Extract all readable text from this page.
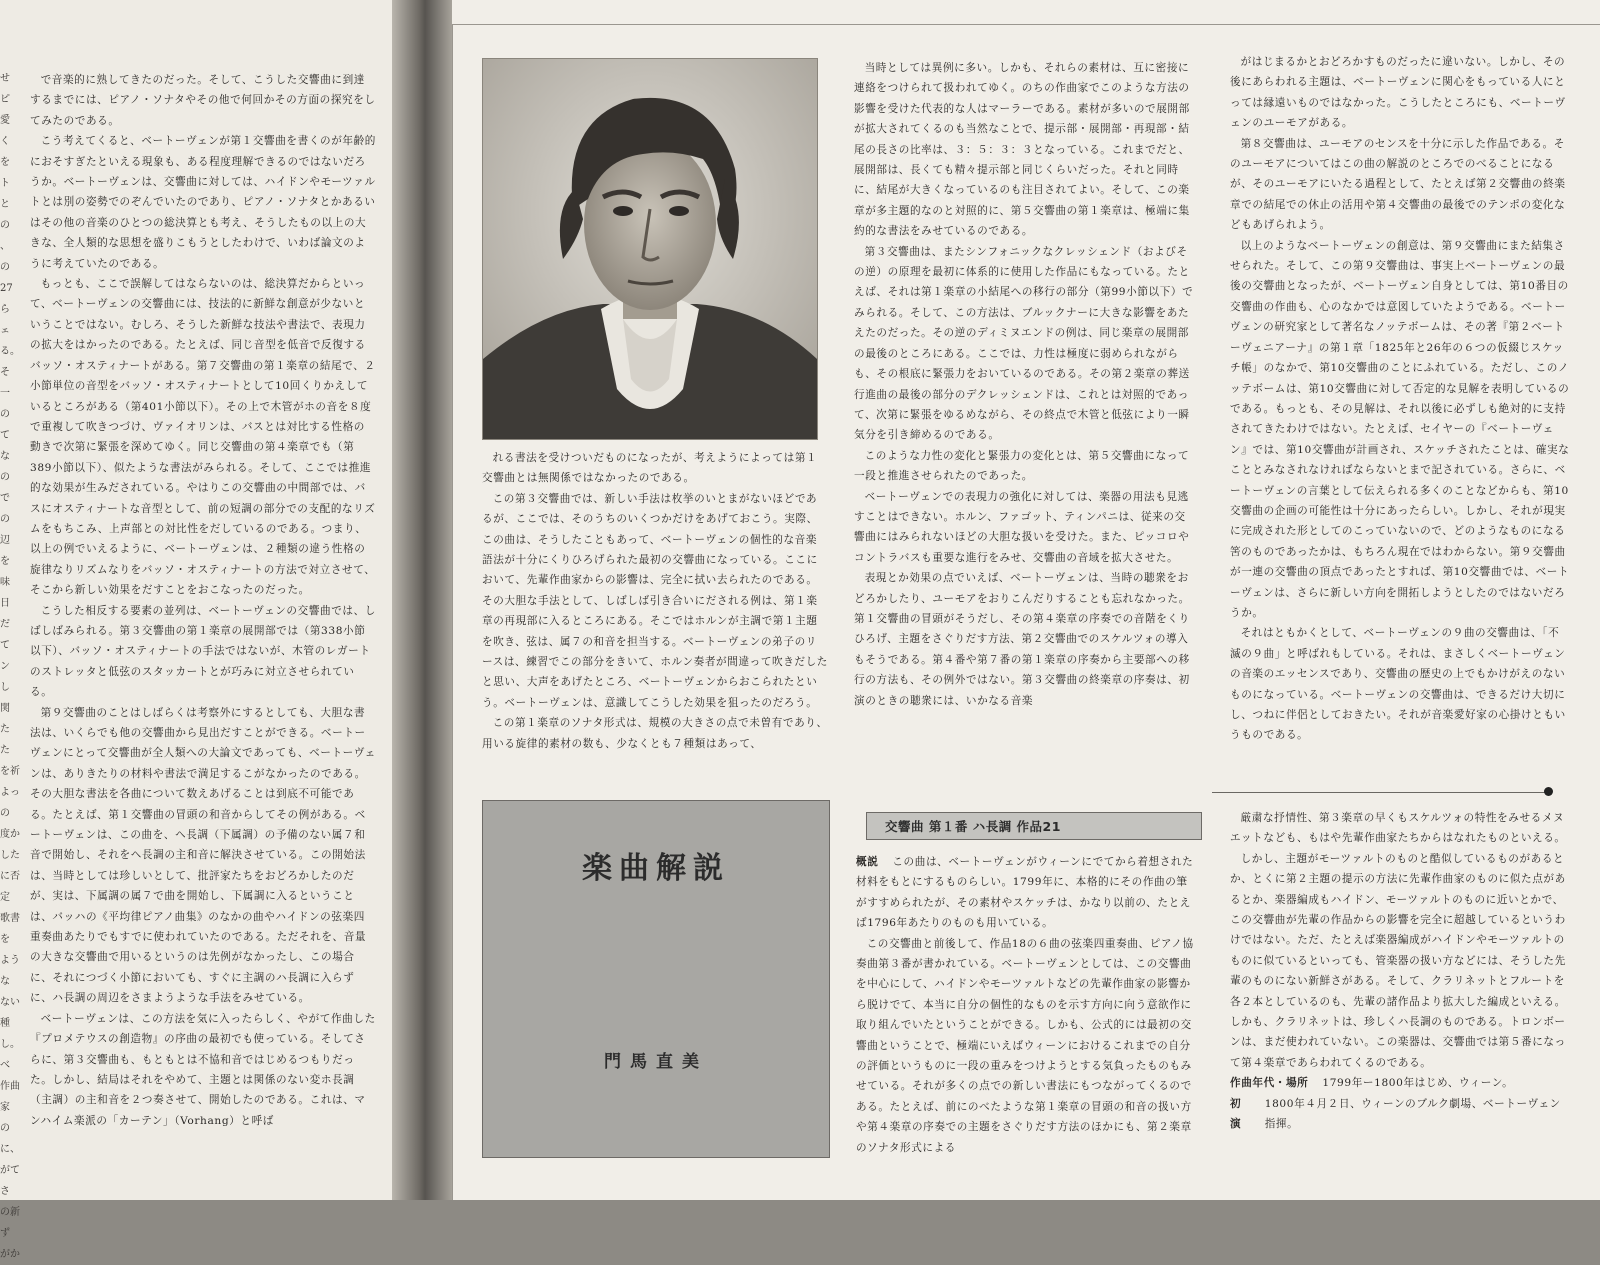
せ
ピ
愛
く
を
ト
と
の
、
の
27
ら
ェ
る。
そ
一
の
て
な
の
で
の
辺
を
味
日
だ
て
ン
し
関
た
た
を祈
よっ
の
度か
した
に否定
歌書を
ような
ない種
し。べ
作曲家
のに、
がてさ
の新
ず
がか

で音楽的に熟してきたのだった。そして、こうした交響曲に到達するまでには、ピアノ・ソナタやその他で何回かその方面の探究をしてみたのである。

こう考えてくると、ベートーヴェンが第１交響曲を書くのが年齢的におそすぎたといえる現象も、ある程度理解できるのではないだろうか。ベートーヴェンは、交響曲に対しては、ハイドンやモーツァルトとは別の姿勢でのぞんでいたのであり、ピアノ・ソナタとかあるいはその他の音楽のひとつの総決算とも考え、そうしたもの以上の大きな、全人類的な思想を盛りこもうとしたわけで、いわば論文のように考えていたのである。

もっとも、ここで誤解してはならないのは、総決算だからといって、ベートーヴェンの交響曲には、技法的に新鮮な創意が少ないということではない。むしろ、そうした新鮮な技法や書法で、表現力の拡大をはかったのである。たとえば、同じ音型を低音で反復するバッソ・オスティナートがある。第７交響曲の第１楽章の結尾で、２小節単位の音型をバッソ・オスティナートとして10回くりかえしているところがある（第401小節以下）。その上で木管がホの音を８度で重複して吹きつづけ、ヴァイオリンは、バスとは対比する性格の動きで次第に緊張を深めてゆく。同じ交響曲の第４楽章でも（第389小節以下）、似たような書法がみられる。そして、ここでは推進的な効果が生みだされている。やはりこの交響曲の中間部では、バスにオスティナートな音型として、前の短調の部分での支配的なリズムをもちこみ、上声部との対比性をだしているのである。つまり、以上の例でいえるように、ベートーヴェンは、２種類の違う性格の旋律なりリズムなりをバッソ・オスティナートの方法で対立させて、そこから新しい効果をだすことをおこなったのだった。

こうした相反する要素の並列は、ベートーヴェンの交響曲では、しばしばみられる。第３交響曲の第１楽章の展開部では（第338小節以下）、バッソ・オスティナートの手法ではないが、木管のレガートのストレッタと低弦のスタッカートとが巧みに対立させられている。

第９交響曲のことはしばらくは考察外にするとしても、大胆な書法は、いくらでも他の交響曲から見出だすことができる。ベートーヴェンにとって交響曲が全人類への大論文であっても、ベートーヴェンは、ありきたりの材料や書法で満足するこがなかったのである。その大胆な書法を各曲について数えあげることは到底不可能である。たとえば、第１交響曲の冒頭の和音からしてその例がある。ベートーヴェンは、この曲を、ヘ長調（下属調）の予備のない属７和音で開始し、それをヘ長調の主和音に解決させている。この開始法は、当時としては珍しいとして、批評家たちをおどろかしたのだが、実は、下属調の属７で曲を開始し、下属調に入るということは、バッハの《平均律ピアノ曲集》のなかの曲やハイドンの弦楽四重奏曲あたりでもすでに使われていたのである。ただそれを、音量の大きな交響曲で用いるというのは先例がなかったし、この場合に、それにつづく小節においても、すぐに主調のハ長調に入らずに、ハ長調の周辺をさまようような手法をみせている。

ベートーヴェンは、この方法を気に入ったらしく、やがて作曲した『プロメテウスの創造物』の序曲の最初でも使っている。そしてさらに、第３交響曲も、もともとは不協和音ではじめるつもりだった。しかし、結局はそれをやめて、主題とは関係のない変ホ長調（主調）の主和音を２つ奏させて、開始したのである。これは、マンハイム楽派の「カーテン」（Vorhang）と呼ば

れる書法を受けついだものになったが、考えようによっては第１交響曲とは無関係ではなかったのである。

この第３交響曲では、新しい手法は枚挙のいとまがないほどであるが、ここでは、そのうちのいくつかだけをあげておこう。実際、この曲は、そうしたこともあって、ベートーヴェンの個性的な音楽語法が十分にくりひろげられた最初の交響曲になっている。ここにおいて、先輩作曲家からの影響は、完全に拭い去られたのである。その大胆な手法として、しばしば引き合いにだされる例は、第１楽章の再現部に入るところにある。そこではホルンが主調で第１主題を吹き、弦は、属７の和音を担当する。ベートーヴェンの弟子のリースは、練習でこの部分をきいて、ホルン奏者が間違って吹きだしたと思い、大声をあげたところ、ベートーヴェンからおこられたという。ベートーヴェンは、意識してこうした効果を狙ったのだろう。

この第１楽章のソナタ形式は、規模の大きさの点で未曽有であり、用いる旋律的素材の数も、少なくとも７種類はあって、

当時としては異例に多い。しかも、それらの素材は、互に密接に連絡をつけられて扱われてゆく。のちの作曲家でこのような方法の影響を受けた代表的な人はマーラーである。素材が多いので展開部が拡大されてくるのも当然なことで、提示部・展開部・再現部・結尾の長さの比率は、３：５：３：３となっている。これまでだと、展開部は、長くても精々提示部と同じくらいだった。それと同時に、結尾が大きくなっているのも注目されてよい。そして、この楽章が多主題的なのと対照的に、第５交響曲の第１楽章は、極端に集約的な書法をみせているのである。

第３交響曲は、またシンフォニックなクレッシェンド（およびその逆）の原理を最初に体系的に使用した作品にもなっている。たとえば、それは第１楽章の小結尾への移行の部分（第99小節以下）でみられる。そして、この方法は、ブルックナーに大きな影響をあたえたのだった。その逆のディミヌエンドの例は、同じ楽章の展開部の最後のところにある。ここでは、力性は極度に弱められながらも、その根底に緊張力をおいているのである。その第２楽章の葬送行進曲の最後の部分のデクレッシェンドは、これとは対照的であって、次第に緊張をゆるめながら、その終点で木管と低弦により一瞬気分を引き締めるのである。

このような力性の変化と緊張力の変化とは、第５交響曲になって一段と推進させられたのであった。

ベートーヴェンでの表現力の強化に対しては、楽器の用法も見逃すことはできない。ホルン、ファゴット、ティンパニは、従来の交響曲にはみられないほどの大胆な扱いを受けた。また、ピッコロやコントラバスも重要な進行をみせ、交響曲の音域を拡大させた。

表現とか効果の点でいえば、ベートーヴェンは、当時の聴衆をおどろかしたり、ユーモアをおりこんだりすることも忘れなかった。第１交響曲の冒頭がそうだし、その第４楽章の序奏での音階をくりひろげ、主題をさぐりだす方法、第２交響曲でのスケルツォの導入もそうである。第４番や第７番の第１楽章の序奏から主要部への移行の方法も、その例外ではない。第３交響曲の終楽章の序奏は、初演のときの聴衆には、いかなる音楽

がはじまるかとおどろかすものだったに違いない。しかし、その後にあらわれる主題は、ベートーヴェンに関心をもっている人にとっては縁遠いものではなかった。こうしたところにも、ベートーヴェンのユーモアがある。

第８交響曲は、ユーモアのセンスを十分に示した作品である。そのユーモアについてはこの曲の解説のところでのべることになるが、そのユーモアにいたる過程として、たとえば第２交響曲の終楽章での結尾での休止の活用や第４交響曲の最後でのテンポの変化などもあげられよう。

以上のようなベートーヴェンの創意は、第９交響曲にまた結集させられた。そして、この第９交響曲は、事実上ベートーヴェンの最後の交響曲となったが、ベートーヴェン自身としては、第10番目の交響曲の作曲も、心のなかでは意図していたようである。ベートーヴェンの研究家として著名なノッテボームは、その著『第２ベートーヴェニアーナ』の第１章「1825年と26年の６つの仮綴じスケッチ帳」のなかで、第10交響曲のことにふれている。ただし、このノッテボームは、第10交響曲に対して否定的な見解を表明しているのである。もっとも、その見解は、それ以後に必ずしも絶対的に支持されてきたわけではない。たとえば、セイヤーの『ベートーヴェン』では、第10交響曲が計画され、スケッチされたことは、確実なこととみなされなければならないとまで記されている。さらに、ベートーヴェンの言葉として伝えられる多くのことなどからも、第10交響曲の企画の可能性は十分にあったらしい。しかし、それが現実に完成された形としてのこっていないので、どのようなものになる筈のものであったかは、もちろん現在ではわからない。第９交響曲が一連の交響曲の頂点であったとすれば、第10交響曲では、ベートーヴェンは、さらに新しい方向を開拓しようとしたのではないだろうか。

それはともかくとして、ベートーヴェンの９曲の交響曲は、「不滅の９曲」と呼ばれもしている。それは、まさしくベートーヴェンの音楽のエッセンスであり、交響曲の歴史の上でもかけがえのないものになっている。ベートーヴェンの交響曲は、できるだけ大切にし、つねに伴侶としておきたい。それが音楽愛好家の心掛けともいうものである。

楽曲解説
門馬直美
交響曲 第１番 ハ長調 作品21

概説 この曲は、ベートーヴェンがウィーンにでてから着想された材料をもとにするものらしい。1799年に、本格的にその作曲の筆がすすめられたが、その素材やスケッチは、かなり以前の、たとえば1796年あたりのものも用いている。

この交響曲と前後して、作品18の６曲の弦楽四重奏曲、ピアノ協奏曲第３番が書かれている。ベートーヴェンとしては、この交響曲を中心にして、ハイドンやモーツァルトなどの先輩作曲家の影響から脱けでて、本当に自分の個性的なものを示す方向に向う意欲作に取り組んでいたということができる。しかも、公式的には最初の交響曲ということで、極端にいえばウィーンにおけるこれまでの自分の評価というものに一段の重みをつけようとする気負ったものもみせている。それが多くの点での新しい書法にもつながってくるのである。たとえば、前にのべたような第１楽章の冒頭の和音の扱い方や第４楽章の序奏での主題をさぐりだす方法のほかにも、第２楽章のソナタ形式による

厳粛な抒情性、第３楽章の早くもスケルツォの特性をみせるメヌエットなども、もはや先輩作曲家たちからはなれたものといえる。

しかし、主題がモーツァルトのものと酷似しているものがあるとか、とくに第２主題の提示の方法に先輩作曲家のものに似た点があるとか、楽器編成もハイドン、モーツァルトのものに近いとかで、この交響曲が先輩の作品からの影響を完全に超越しているというわけではない。ただ、たとえば楽器編成がハイドンやモーツァルトのものに似ているといっても、管楽器の扱い方などには、そうした先輩のものにない新鮮さがある。そして、クラリネットとフルートを各２本としているのも、先輩の諸作品より拡大した編成といえる。しかも、クラリネットは、珍しくハ長調のものである。トロンボーンは、まだ使われていない。この楽器は、交響曲では第５番になって第４楽章であらわれてくるのである。

作曲年代・場所 1799年ー1800年はじめ、ウィーン。
初演
1800年４月２日、ウィーンのブルク劇場、ベートーヴェン指揮。
